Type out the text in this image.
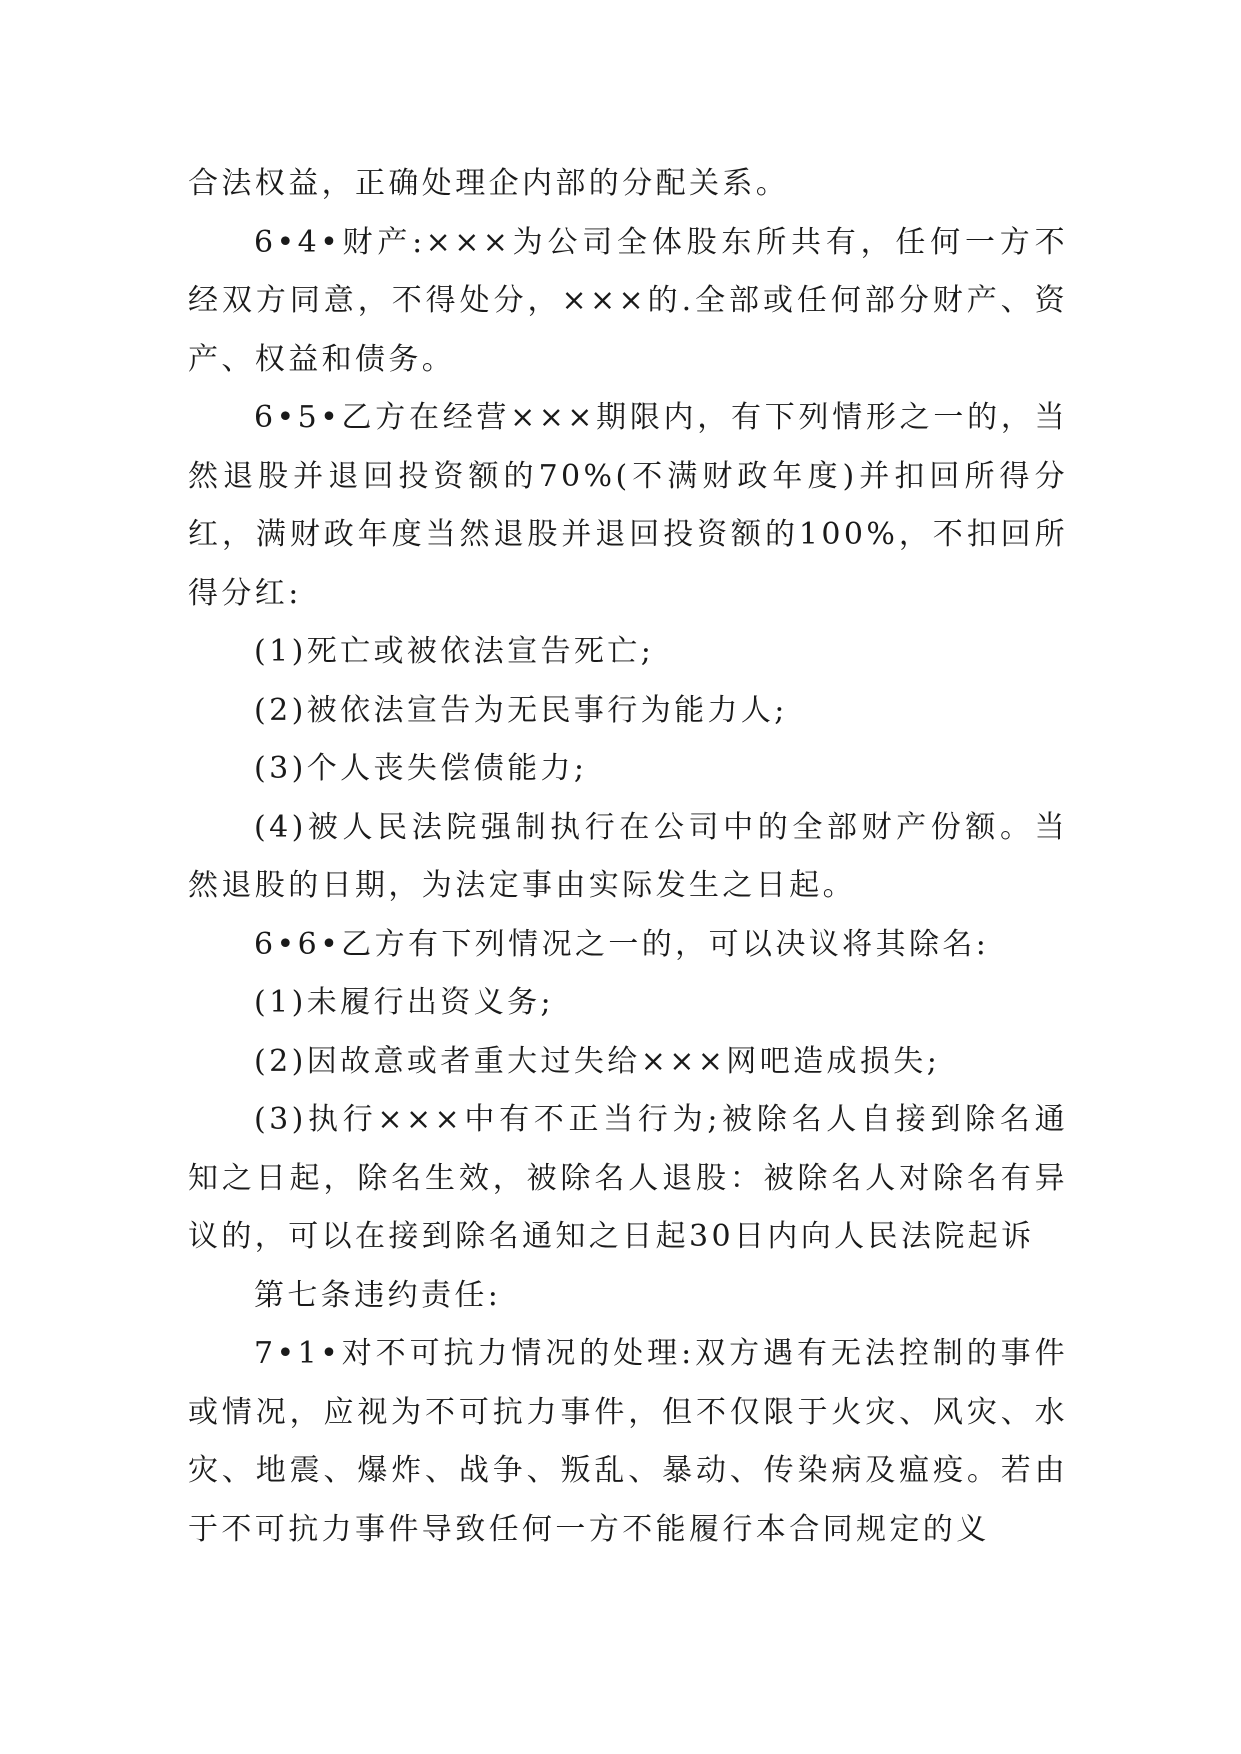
合法权益，正确处理企内部的分配关系。

6•4•财产:×××为公司全体股东所共有，任何一方不经双方同意，不得处分，×××的.全部或任何部分财产、资产、权益和债务。

6•5•乙方在经营×××期限内，有下列情形之一的，当然退股并退回投资额的70%(不满财政年度)并扣回所得分红，满财政年度当然退股并退回投资额的100%，不扣回所得分红:

(1)死亡或被依法宣告死亡;

(2)被依法宣告为无民事行为能力人;

(3)个人丧失偿债能力;

(4)被人民法院强制执行在公司中的全部财产份额。当然退股的日期，为法定事由实际发生之日起。

6•6•乙方有下列情况之一的，可以决议将其除名:

(1)未履行出资义务;

(2)因故意或者重大过失给×××网吧造成损失;

(3)执行×××中有不正当行为;被除名人自接到除名通知之日起，除名生效，被除名人退股：被除名人对除名有异议的，可以在接到除名通知之日起30日内向人民法院起诉

第七条违约责任:

7•1•对不可抗力情况的处理:双方遇有无法控制的事件或情况，应视为不可抗力事件，但不仅限于火灾、风灾、水灾、地震、爆炸、战争、叛乱、暴动、传染病及瘟疫。若由于不可抗力事件导致任何一方不能履行本合同规定的义
